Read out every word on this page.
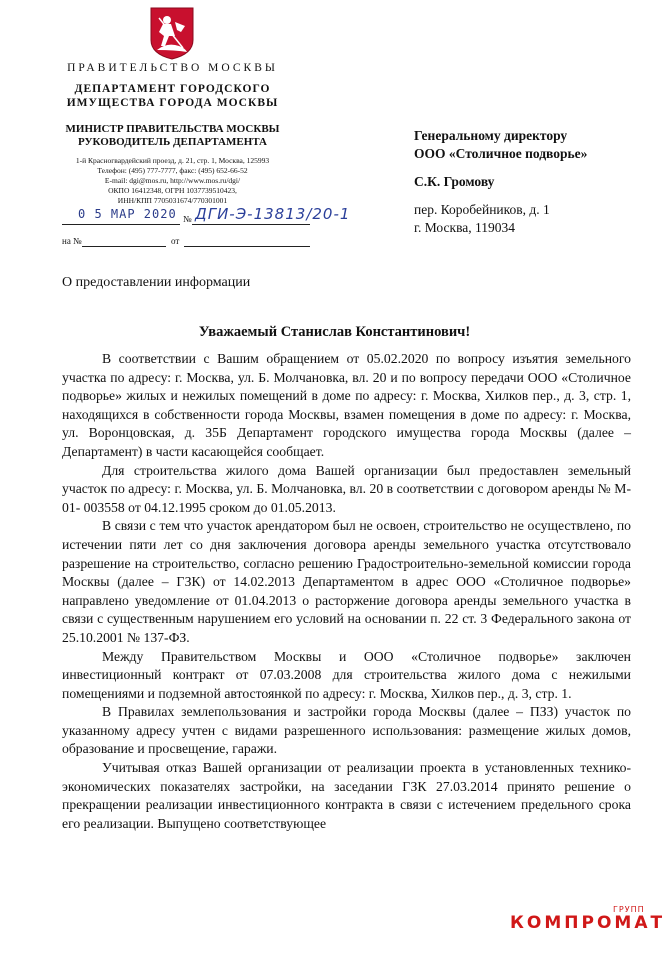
ПРАВИТЕЛЬСТВО МОСКВЫ
ДЕПАРТАМЕНТ ГОРОДСКОГО
ИМУЩЕСТВА ГОРОДА МОСКВЫ
МИНИСТР ПРАВИТЕЛЬСТВА МОСКВЫ
РУКОВОДИТЕЛЬ ДЕПАРТАМЕНТА
1-й Красногвардейский проезд, д. 21, стр. 1, Москва, 125993
Телефон: (495) 777-7777, факс: (495) 652-66-52
E-mail: dgi@mos.ru, http://www.mos.ru/dgi/
ОКПО 16412348, ОГРН 1037739510423,
ИНН/КПП 7705031674/770301001
0 5 МАР 2020 № ДГИ-Э-13813/20-1
на №	от
Генеральному директору
ООО «Столичное подворье»
С.К. Громову
пер. Коробейников, д. 1
г. Москва, 119034
О предоставлении информации
Уважаемый Станислав Константинович!

В соответствии с Вашим обращением от 05.02.2020 по вопросу изъятия земельного участка по адресу: г. Москва, ул. Б. Молчановка, вл. 20 и по вопросу передачи ООО «Столичное подворье» жилых и нежилых помещений в доме по адресу: г. Москва, Хилков пер., д. 3, стр. 1, находящихся в собственности города Москвы, взамен помещения в доме по адресу: г. Москва, ул. Воронцовская, д. 35Б Департамент городского имущества города Москвы (далее – Департамент) в части касающейся сообщает.

Для строительства жилого дома Вашей организации был предоставлен земельный участок по адресу: г. Москва, ул. Б. Молчановка, вл. 20 в соответствии с договором аренды № М- 01- 003558 от 04.12.1995 сроком до 01.05.2013.

В связи с тем что участок арендатором был не освоен, строительство не осуществлено, по истечении пяти лет со дня заключения договора аренды земельного участка отсутствовало разрешение на строительство, согласно решению Градостроительно-земельной комиссии города Москвы (далее – ГЗК) от 14.02.2013 Департаментом в адрес ООО «Столичное подворье» направлено уведомление от 01.04.2013 о расторжение договора аренды земельного участка в связи с существенным нарушением его условий на основании п. 22 ст. 3 Федерального закона от 25.10.2001 № 137-ФЗ.

Между Правительством Москвы и ООО «Столичное подворье» заключен инвестиционный контракт от 07.03.2008 для строительства жилого дома с нежилыми помещениями и подземной автостоянкой по адресу: г. Москва, Хилков пер., д. 3, стр. 1.

В Правилах землепользования и застройки города Москвы (далее – ПЗЗ) участок по указанному адресу учтен с видами разрешенного использования: размещение жилых домов, образование и просвещение, гаражи.

Учитывая отказ Вашей организации от реализации проекта в установленных технико-экономических показателях застройки, на заседании ГЗК 27.03.2014 принято решение о прекращении реализации инвестиционного контракта в связи с истечением предельного срока его реализации. Выпущено соответствующее

ГРУПП
КОМПРОМАТ
